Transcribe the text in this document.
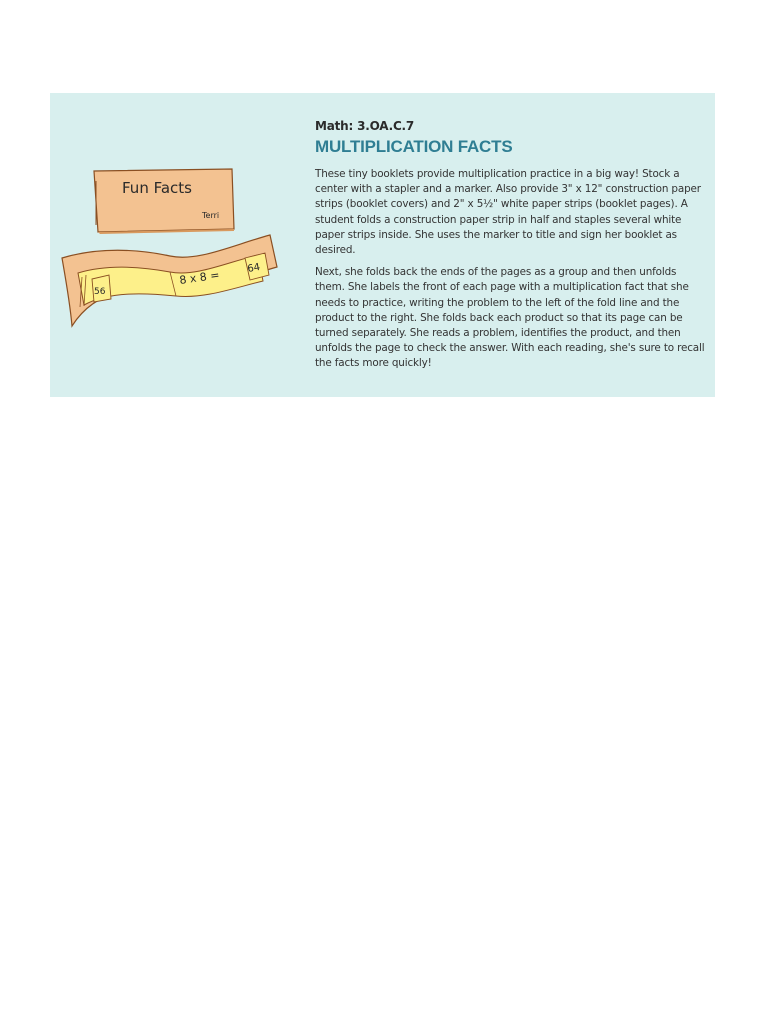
Fun Facts
Terri
56
8 x 8 =
64
Math: 3.OA.C.7
MULTIPLICATION FACTS

These tiny booklets provide multiplication practice in a big way! Stock a center with a stapler and a marker. Also provide 3" x 12" construction paper strips (booklet covers) and 2" x 5½" white paper strips (booklet pages). A student folds a construction paper strip in half and staples several white paper strips inside. She uses the marker to title and sign her booklet as desired.

Next, she folds back the ends of the pages as a group and then unfolds them. She labels the front of each page with a multiplication fact that she needs to practice, writing the problem to the left of the fold line and the product to the right. She folds back each product so that its page can be turned separately. She reads a problem, identifies the product, and then unfolds the page to check the answer. With each reading, she's sure to recall the facts more quickly!
